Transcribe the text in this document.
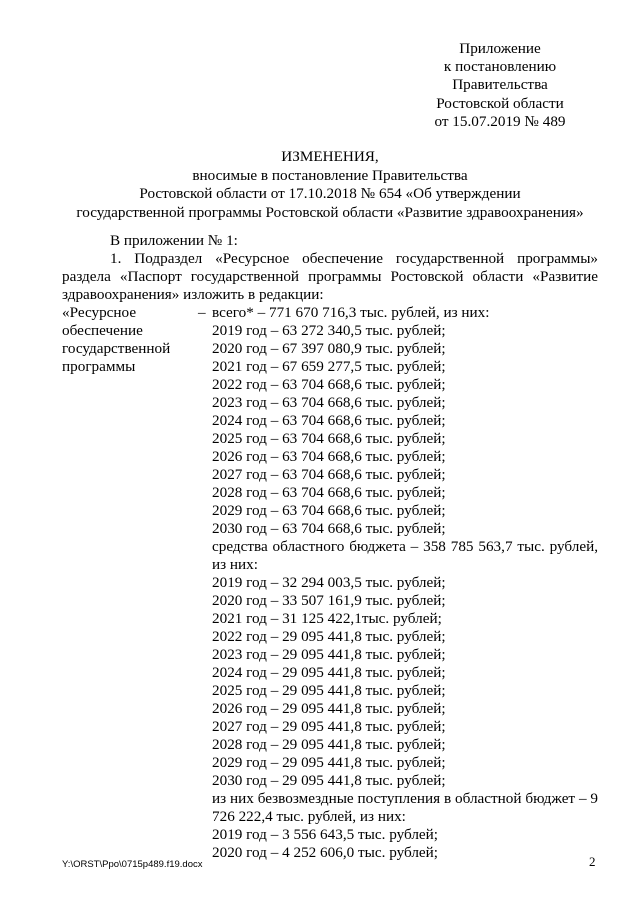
Приложение
к постановлению
Правительства
Ростовской области
от 15.07.2019 № 489
ИЗМЕНЕНИЯ,
вносимые в постановление Правительства
Ростовской области от 17.10.2018 № 654 «Об утверждении
государственной программы Ростовской области «Развитие здравоохранения»
В приложении № 1:
1. Подраздел «Ресурсное обеспечение государственной программы» раздела «Паспорт государственной программы Ростовской области «Развитие здравоохранения» изложить в редакции:
«Ресурсное
обеспечение
государственной
программы
– всего* – 771 670 716,3 тыс. рублей, из них:
2019 год – 63 272 340,5 тыс. рублей;
2020 год – 67 397 080,9 тыс. рублей;
2021 год – 67 659 277,5 тыс. рублей;
2022 год – 63 704 668,6 тыс. рублей;
2023 год – 63 704 668,6 тыс. рублей;
2024 год – 63 704 668,6 тыс. рублей;
2025 год – 63 704 668,6 тыс. рублей;
2026 год – 63 704 668,6 тыс. рублей;
2027 год – 63 704 668,6 тыс. рублей;
2028 год – 63 704 668,6 тыс. рублей;
2029 год – 63 704 668,6 тыс. рублей;
2030 год – 63 704 668,6 тыс. рублей;
средства областного бюджета – 358 785 563,7 тыс. рублей, из них:
2019 год – 32 294 003,5 тыс. рублей;
2020 год – 33 507 161,9 тыс. рублей;
2021 год – 31 125 422,1тыс. рублей;
2022 год – 29 095 441,8 тыс. рублей;
2023 год – 29 095 441,8 тыс. рублей;
2024 год – 29 095 441,8 тыс. рублей;
2025 год – 29 095 441,8 тыс. рублей;
2026 год – 29 095 441,8 тыс. рублей;
2027 год – 29 095 441,8 тыс. рублей;
2028 год – 29 095 441,8 тыс. рублей;
2029 год – 29 095 441,8 тыс. рублей;
2030 год – 29 095 441,8 тыс. рублей;
из них безвозмездные поступления в областной бюджет – 9 726 222,4 тыс. рублей, из них:
2019 год – 3 556 643,5 тыс. рублей;
2020 год – 4 252 606,0 тыс. рублей;
Y:\ORST\Ppo\0715p489.f19.docx	2
